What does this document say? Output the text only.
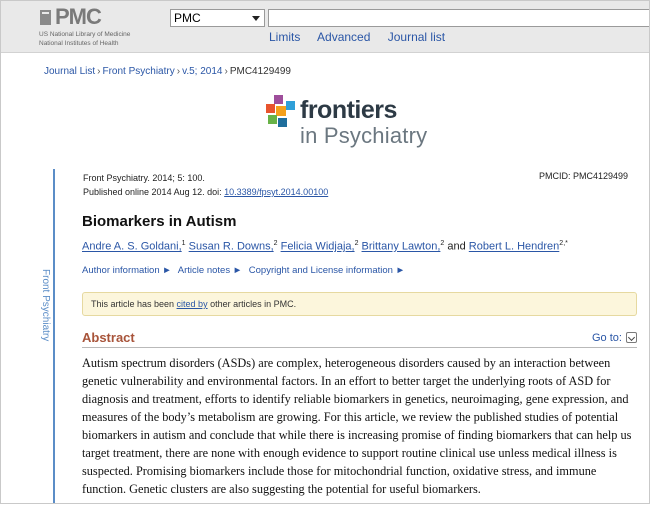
PMC
US National Library of Medicine
National Institutes of Health
PMC
Limits Advanced Journal list
Journal List › Front Psychiatry › v.5; 2014 › PMC4129499
frontiers
in Psychiatry
Front Psychiatry
Front Psychiatry. 2014; 5: 100.
Published online 2014 Aug 12. doi: 10.3389/fpsyt.2014.00100
PMCID: PMC4129499
Biomarkers in Autism
Andre A. S. Goldani,$^1$ Susan R. Downs,$^2$ Felicia Widjaja,$^2$ Brittany Lawton,$^2$ and Robert L. Hendren$^{2,*}$
Author information ► Article notes ► Copyright and License information ►
This article has been cited by other articles in PMC.
Abstract	Go to:
Autism spectrum disorders (ASDs) are complex, heterogeneous disorders caused by an interaction between genetic vulnerability and environmental factors. In an effort to better target the underlying roots of ASD for diagnosis and treatment, efforts to identify reliable biomarkers in genetics, neuroimaging, gene expression, and measures of the body’s metabolism are growing. For this article, we review the published studies of potential biomarkers in autism and conclude that while there is increasing promise of finding biomarkers that can help us target treatment, there are none with enough evidence to support routine clinical use unless medical illness is suspected. Promising biomarkers include those for mitochondrial function, oxidative stress, and immune function. Genetic clusters are also suggesting the potential for useful biomarkers.
